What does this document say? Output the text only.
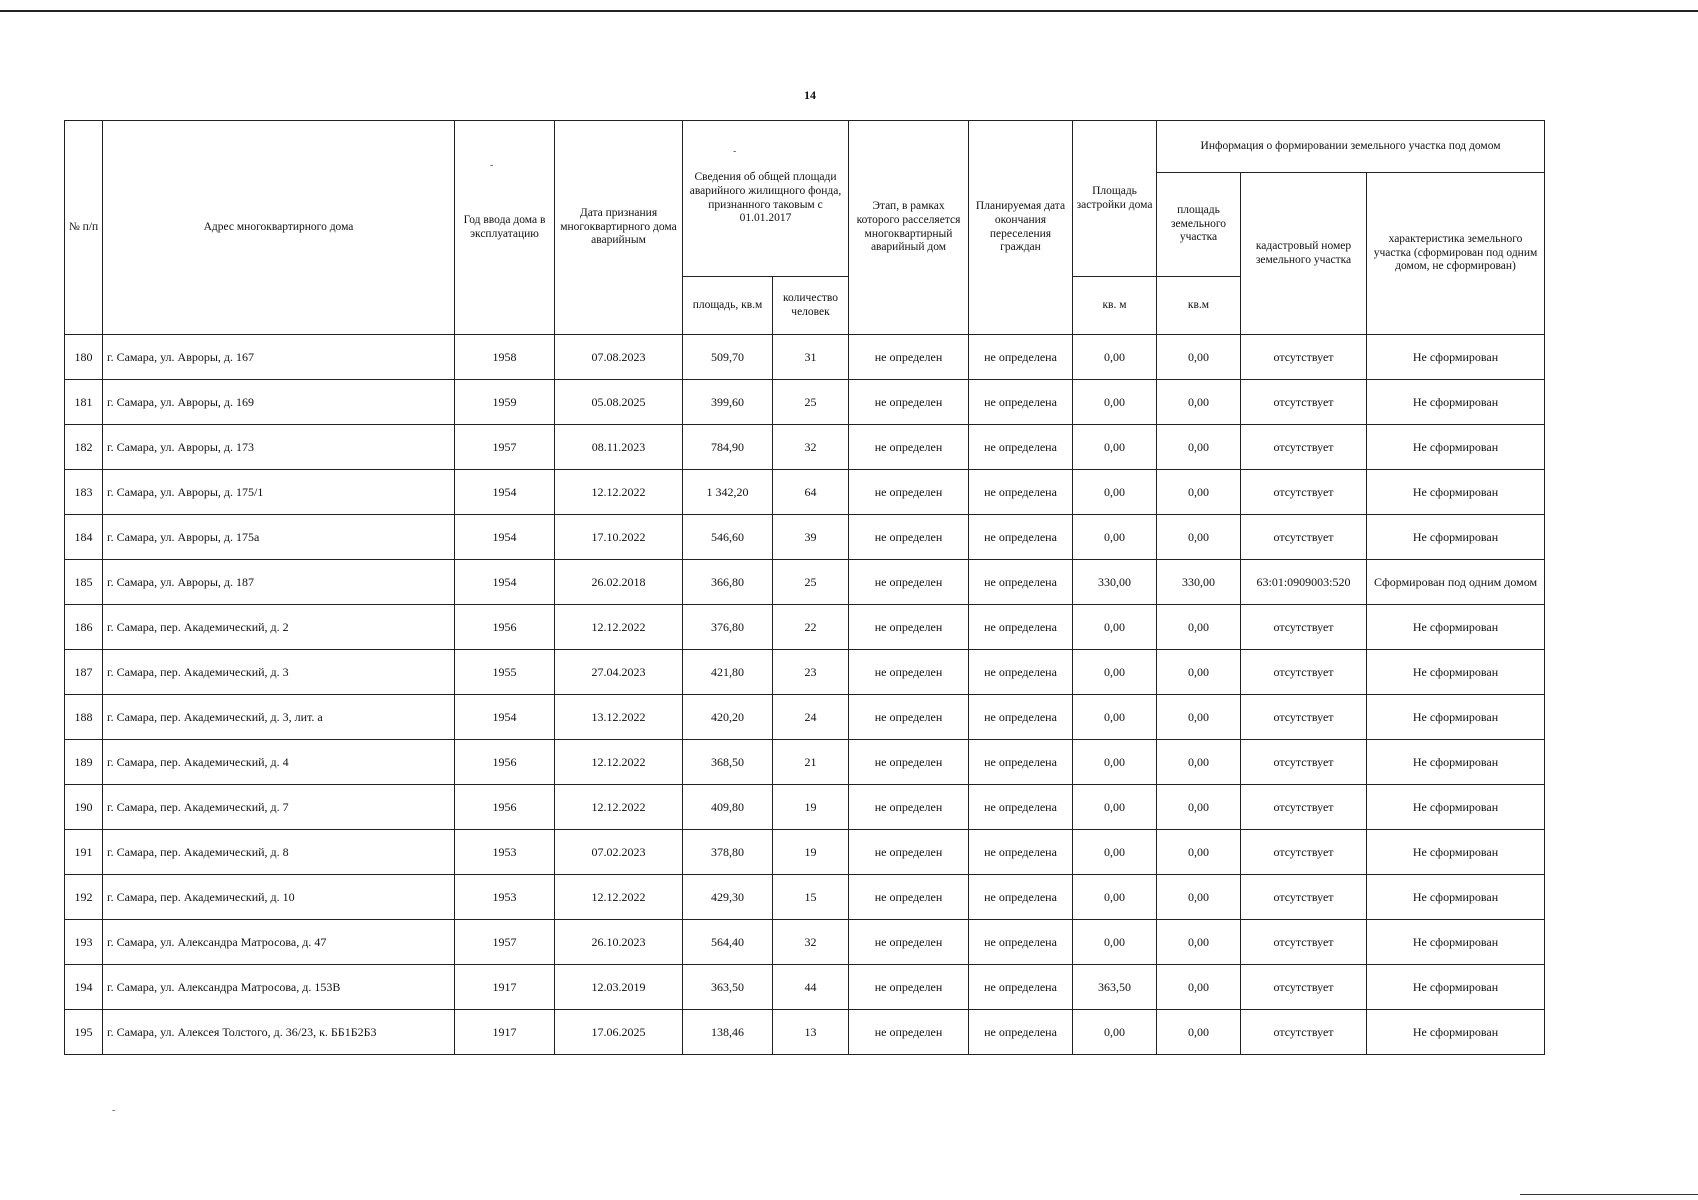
14
-
-
-
№ п/п	Адрес многоквартирного дома	Год ввода дома в эксплуатацию	Дата признания многоквартирного дома аварийным	Сведения об общей площади аварийного жилищного фонда, признанного таковым с 01.01.2017		Этап, в рамках которого расселяется многоквартирный аварийный дом	Планируемая дата окончания переселения граждан	Площадь застройки дома	Информация о формировании земельного участка под домом		
									площадь земельного участка	кадастровый номер земельного участка	характеристика земельного участка (сформирован под одним домом, не сформирован)
				площадь, кв.м	количество человек			кв. м	кв.м		
180	г. Самара, ул. Авроры, д. 167	1958	07.08.2023	509,70	31	не определен	не определена	0,00	0,00	отсутствует	Не сформирован
181	г. Самара, ул. Авроры, д. 169	1959	05.08.2025	399,60	25	не определен	не определена	0,00	0,00	отсутствует	Не сформирован
182	г. Самара, ул. Авроры, д. 173	1957	08.11.2023	784,90	32	не определен	не определена	0,00	0,00	отсутствует	Не сформирован
183	г. Самара, ул. Авроры, д. 175/1	1954	12.12.2022	1 342,20	64	не определен	не определена	0,00	0,00	отсутствует	Не сформирован
184	г. Самара, ул. Авроры, д. 175а	1954	17.10.2022	546,60	39	не определен	не определена	0,00	0,00	отсутствует	Не сформирован
185	г. Самара, ул. Авроры, д. 187	1954	26.02.2018	366,80	25	не определен	не определена	330,00	330,00	63:01:0909003:520	Сформирован под одним домом
186	г. Самара, пер. Академический, д. 2	1956	12.12.2022	376,80	22	не определен	не определена	0,00	0,00	отсутствует	Не сформирован
187	г. Самара, пер. Академический, д. 3	1955	27.04.2023	421,80	23	не определен	не определена	0,00	0,00	отсутствует	Не сформирован
188	г. Самара, пер. Академический, д. 3, лит. а	1954	13.12.2022	420,20	24	не определен	не определена	0,00	0,00	отсутствует	Не сформирован
189	г. Самара, пер. Академический, д. 4	1956	12.12.2022	368,50	21	не определен	не определена	0,00	0,00	отсутствует	Не сформирован
190	г. Самара, пер. Академический, д. 7	1956	12.12.2022	409,80	19	не определен	не определена	0,00	0,00	отсутствует	Не сформирован
191	г. Самара, пер. Академический, д. 8	1953	07.02.2023	378,80	19	не определен	не определена	0,00	0,00	отсутствует	Не сформирован
192	г. Самара, пер. Академический, д. 10	1953	12.12.2022	429,30	15	не определен	не определена	0,00	0,00	отсутствует	Не сформирован
193	г. Самара, ул. Александра Матросова, д. 47	1957	26.10.2023	564,40	32	не определен	не определена	0,00	0,00	отсутствует	Не сформирован
194	г. Самара, ул. Александра Матросова, д. 153В	1917	12.03.2019	363,50	44	не определен	не определена	363,50	0,00	отсутствует	Не сформирован
195	г. Самара, ул. Алексея Толстого, д. 36/23, к. ББ1Б2Б3	1917	17.06.2025	138,46	13	не определен	не определена	0,00	0,00	отсутствует	Не сформирован
